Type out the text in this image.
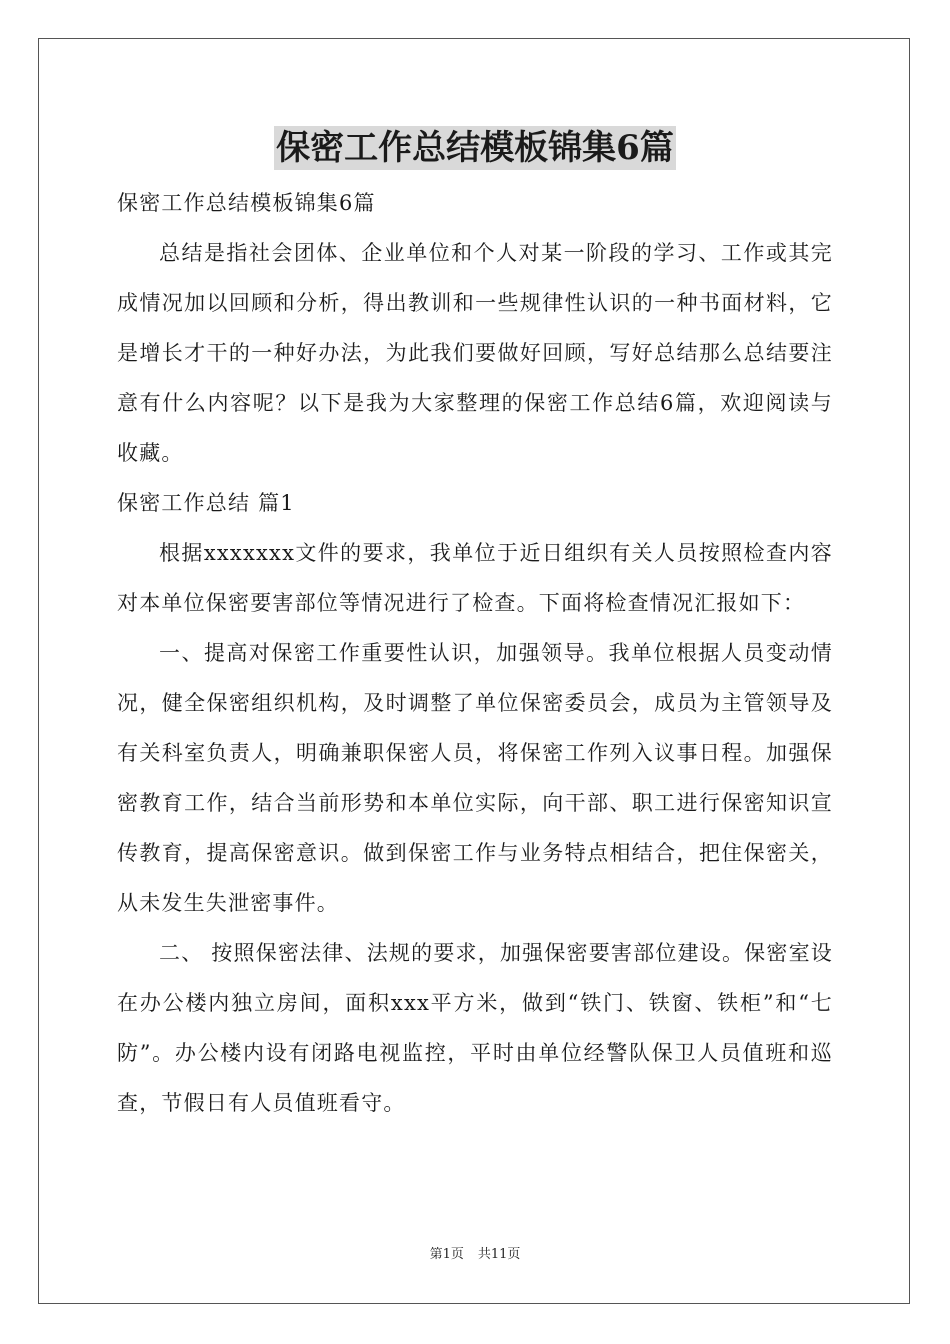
保密工作总结模板锦集6篇

保密工作总结模板锦集6篇

总结是指社会团体、企业单位和个人对某一阶段的学习、工作或其完成情况加以回顾和分析，得出教训和一些规律性认识的一种书面材料，它是增长才干的一种好办法，为此我们要做好回顾，写好总结那么总结要注意有什么内容呢？以下是我为大家整理的保密工作总结6篇，欢迎阅读与收藏。

保密工作总结 篇1

根据xxxxxxx文件的要求，我单位于近日组织有关人员按照检查内容对本单位保密要害部位等情况进行了检查。下面将检查情况汇报如下：

一、提高对保密工作重要性认识，加强领导。我单位根据人员变动情况，健全保密组织机构，及时调整了单位保密委员会，成员为主管领导及有关科室负责人，明确兼职保密人员，将保密工作列入议事日程。加强保密教育工作，结合当前形势和本单位实际，向干部、职工进行保密知识宣传教育，提高保密意识。做到保密工作与业务特点相结合，把住保密关，从未发生失泄密事件。

二、 按照保密法律、法规的要求，加强保密要害部位建设。保密室设在办公楼内独立房间，面积xxx平方米，做到“铁门、铁窗、铁柜”和“七防”。办公楼内设有闭路电视监控，平时由单位经警队保卫人员值班和巡查，节假日有人员值班看守。

第1页 共11页
